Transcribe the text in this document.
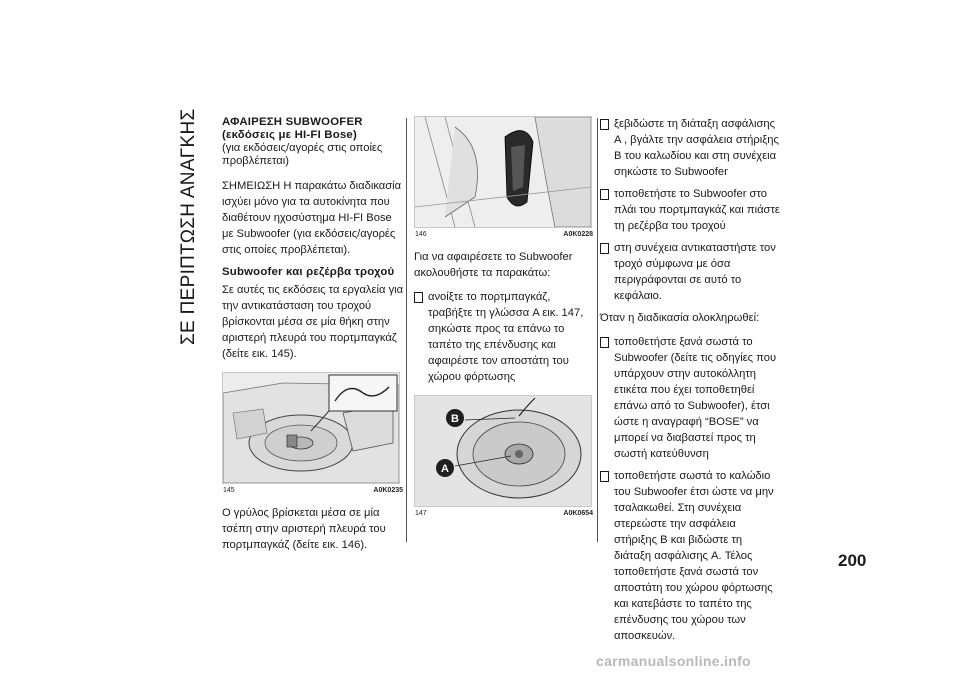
ΣΕ ΠΕΡΙΠΤΩΣΗ ΑΝΑΓΚΗΣ ΑΦΑΙΡΕΣΗ SUBWOOFER (εκδόσεις με HI-FI Bose)

(για εκδόσεις/αγορές στις οποίες προβλέπεται)

ΣΗΜΕΙΩΣΗ Η παρακάτω διαδικασία ισχύει μόνο για τα αυτοκίνητα που διαθέτουν ηχοσύστημα HI-FI Bose με Subwoofer (για εκδόσεις/αγορές στις οποίες προβλέπεται).

Subwoofer και ρεζέρβα τροχού

Σε αυτές τις εκδόσεις τα εργαλεία για την αντικατάσταση του τροχού βρίσκονται μέσα σε μία θήκη στην αριστερή πλευρά του πορτμπαγκάζ (δείτε εικ. 145).

145	A0K0235

Ο γρύλος βρίσκεται μέσα σε μία τσέπη στην αριστερή πλευρά του πορτμπαγκάζ (δείτε εικ. 146).

146	A0K0228

Για να αφαιρέσετε το Subwoofer ακολουθήστε τα παρακάτω:

ανοίξτε το πορτμπαγκάζ, τραβήξτε τη γλώσσα A εικ. 147, σηκώστε προς τα επάνω το ταπέτο της επένδυσης και αφαιρέστε τον αποστάτη του χώρου φόρτωσης
B
A
147	A0K0654
ξεβιδώστε τη διάταξη ασφάλισης A , βγάλτε την ασφάλεια στήριξης B του καλωδίου και στη συνέχεια σηκώστε το Subwoofer
τοποθετήστε το Subwoofer στο πλάι του πορτμπαγκάζ και πιάστε τη ρεζέρβα του τροχού
στη συνέχεια αντικαταστήστε τον τροχό σύμφωνα με όσα περιγράφονται σε αυτό το κεφάλαιο.

Όταν η διαδικασία ολοκληρωθεί:

τοποθετήστε ξανά σωστά το Subwoofer (δείτε τις οδηγίες που υπάρχουν στην αυτοκόλλητη ετικέτα που έχει τοποθετηθεί επάνω από το Subwoofer), έτσι ώστε η αναγραφή “BOSE” να μπορεί να διαβαστεί προς τη σωστή κατεύθυνση
τοποθετήστε σωστά το καλώδιο του Subwoofer έτσι ώστε να μην τσαλακωθεί. Στη συνέχεια στερεώστε την ασφάλεια στήριξης B και βιδώστε τη διάταξη ασφάλισης A. Τέλος τοποθετήστε ξανά σωστά τον αποστάτη του χώρου φόρτωσης και κατεβάστε το ταπέτο της επένδυσης του χώρου των αποσκευών.
200
carmanualsonline.info
